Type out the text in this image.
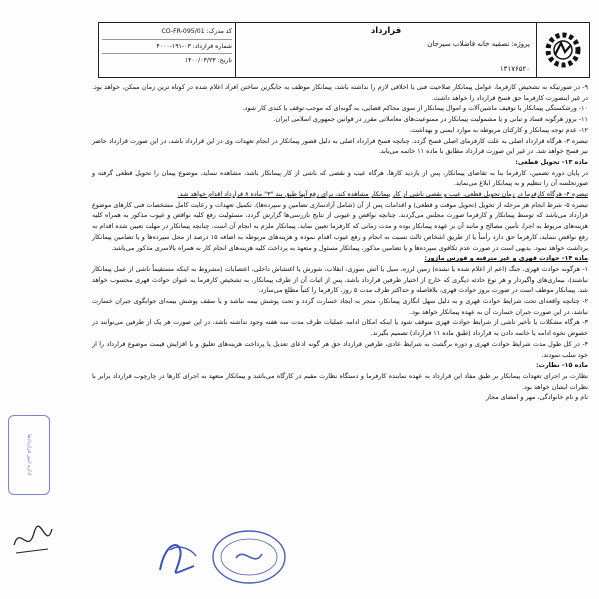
کد مدرک: CO-FR-095/01
شماره قرارداد: ۰۳-۱۹۱-۴۰۰۰
تاریخ: ۱۴۰۰/۰۳/۲۳
قرارداد
پروژه: تصفیه خانه فاضلاب سیرجان
۱۳۱۷۶۵۲۰

۹- در صورتیکه به تشخیص کارفرما، عوامل پیمانکار صلاحیت فنی یا اخلاقی لازم را نداشته باشد، پیمانکار موظف به جایگزین ساختن افراد اعلام شده در کوتاه ترین زمان ممکن، خواهد بود. در غیر اینصورت کارفرما حق فسخ قرارداد را خواهد داشت.

۱۰- ورشکستگی پیمانکار یا توقیف ماشین‌آلات و اموال پیمانکار از سوی محاکم قضایی، به گونه‌ای که موجب توقف یا کندی کار شود.

۱۱- بروز هرگونه فساد و تبانی و یا مشمولیت پیمانکار در ممنوعیت‌های معاملاتی مقرر در قوانین جمهوری اسلامی ایران.

۱۲- عدم توجه پیمانکار و کارکنان مربوطه به موارد ایمنی و بهداشت.

تبصره ۳- هرگاه قرارداد اصلی به علت کارفرمای اصلی فسخ گردد، چنانچه فسخ قرارداد اصلی به دلیل قصور پیمانکار در انجام تعهدات وی در این قرارداد باشد، در این صورت قرارداد حاضر نیز فسخ خواهد شد. در غیر این صورت قرارداد مطابق با ماده ۱۱ خاتمه می‌یابد.

ماده ۱۳- تحویل قطعی:

در پایان دوره تضمین، کارفرما بنا به تقاضای پیمانکار، پس از بازدید کارها، هرگاه عیب و نقصی که ناشی از کار پیمانکار باشد، مشاهده ننماید، موضوع پیمان را تحویل قطعی گرفته و صورتجلسه آن را تنظیم و به پیمانکار ابلاغ می‌نماید.

تبصره ۴- هرگاه کارفرما در زمان تحویل قطعی، عیب و نقصی ناشی از کار پیمانکار مشاهده کند، برای رفع آنها طبق بند "۳" ماده ۸ قرارداد اقدام خواهد شد.

تبصره ۵- شرط انجام هر مرحله از تحویل (تحویل موقت و قطعی) و اقدامات پس از آن (شامل آزادسازی تضامین و سپرده‌ها)، تکمیل تعهدات و رعایت کامل مشخصات فنی کارهای موضوع قرارداد می‌باشد که توسط پیمانکار و کارفرما صورت مجلس می‌گردند. چنانچه نواقص و عیوبی از نتایج بازرسی‌ها گزارش گردد، مسئولیت رفع کلیه نواقص و عیوب مذکور به همراه کلیه هزینه‌های مربوط به اجرا، تأمین مصالح و مانند آن بر عهده پیمانکار بوده و مدت زمانی که کارفرما تعیین نماید، پیمانکار ملزم به انجام آن است. چنانچه پیمانکار در مهلت تعیین شده اقدام به رفع نواقص ننماید، کارفرما حق دارد رأساً یا از طریق اشخاص ثالث نسبت به انجام و رفع عیوب اقدام نموده و هزینه‌های مربوطه به اضافه ۱۵ درصد از محل سپرده‌ها و یا تضامین پیمانکار برداشت خواهد نمود. بدیهی است در صورت عدم تکافوی سپرده‌ها و یا تضامین مذکور، پیمانکار مسئول و متعهد به پرداخت کلیه هزینه‌های انجام کار به همراه بالاسری مذکور می‌باشد.

ماده ۱۴- حوادث قهری و غیر مترقبه و فورس ماژور:

۱- هرگونه حوادث قهری، جنگ (اعم از اعلام شده یا نشده) زمین لرزه، سیل یا آتش سوزی، انقلاب، شورش یا اغتشاش داخلی، اعتصابات (مشروط به اینکه مستقیماً ناشی از عمل پیمانکار نباشند)، بیماری‌های واگیردار و هر نوع حادثه دیگری که خارج از اختیار طرفین قرارداد باشد، پس از اثبات آن از طرف پیمانکار، به تشخیص کارفرما به عنوان حوادث قهری محسوب خواهد شد. پیمانکار موظف است در صورت بروز حوادث قهری، بلافاصله و حداکثر ظرف مدت ۵ روز، کارفرما را کتباً مطلع می‌سازد.

۲- چنانچه واقعه‌ای تحت شرایط حوادث قهری و به دلیل سهل انگاری پیمانکار، منجر به ایجاد خسارت گردد و تحت پوشش بیمه نباشد و یا سقف پوشش بیمه‌ای جوابگوی جبران خسارت نباشد، در این صورت جبران خسارت آن به عهده پیمانکار خواهد بود.

۳- هرگاه مشکلات یا تأخیر ناشی از شرایط حوادث قهری متوقف شود یا اینکه امکان ادامه عملیات ظرف مدت سه هفته وجود نداشته باشد، در این صورت هر یک از طرفین می‌توانند در خصوص نحوه ادامه یا خاتمه دادن به قرارداد (طبق ماده ۱۱ قرارداد) تصمیم بگیرند.

۴- در کل طول مدت شرایط حوادث قهری و دوره برگشت به شرایط عادی، طرفین قرارداد حق هر گونه ادعای تعدیل یا پرداخت هزینه‌های تعلیق و یا افزایش قیمت موضوع قرارداد را از خود سلب نمودند.

ماده ۱۵- نظارت:

نظارت بر اجرای تعهدات پیمانکار بر طبق مفاد این قرارداد به عهده نماینده کارفرما و دستگاه نظارت مقیم در کارگاه می‌باشد و پیمانکار متعهد به اجرای کارها در چارچوب قرارداد برابر با نظرات ایشان خواهد بود.

نام و نام خانوادگی، مهر و امضای مجاز

اداره امور قراردادها
